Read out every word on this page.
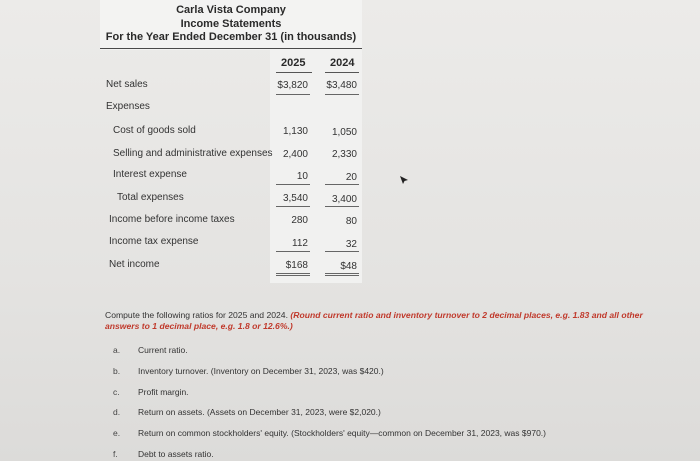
Carla Vista Company
Income Statements
For the Year Ended December 31 (in thousands)
2025 2024
Net sales	$3,820	$3,480
Expenses
Cost of goods sold	1,130	1,050
Selling and administrative expenses	2,400	2,330
Interest expense	10	20
Total expenses	3,540	3,400
Income before income taxes	280	80
Income tax expense	112	32
Net income	$168	$48
Compute the following ratios for 2025 and 2024. (Round current ratio and inventory turnover to 2 decimal places, e.g. 1.83 and all other answers to 1 decimal place, e.g. 1.8 or 12.6%.)
a. Current ratio.
b. Inventory turnover. (Inventory on December 31, 2023, was $420.)
c. Profit margin.
d. Return on assets. (Assets on December 31, 2023, were $2,020.)
e. Return on common stockholders' equity. (Stockholders' equity—common on December 31, 2023, was $970.)
f. Debt to assets ratio.
